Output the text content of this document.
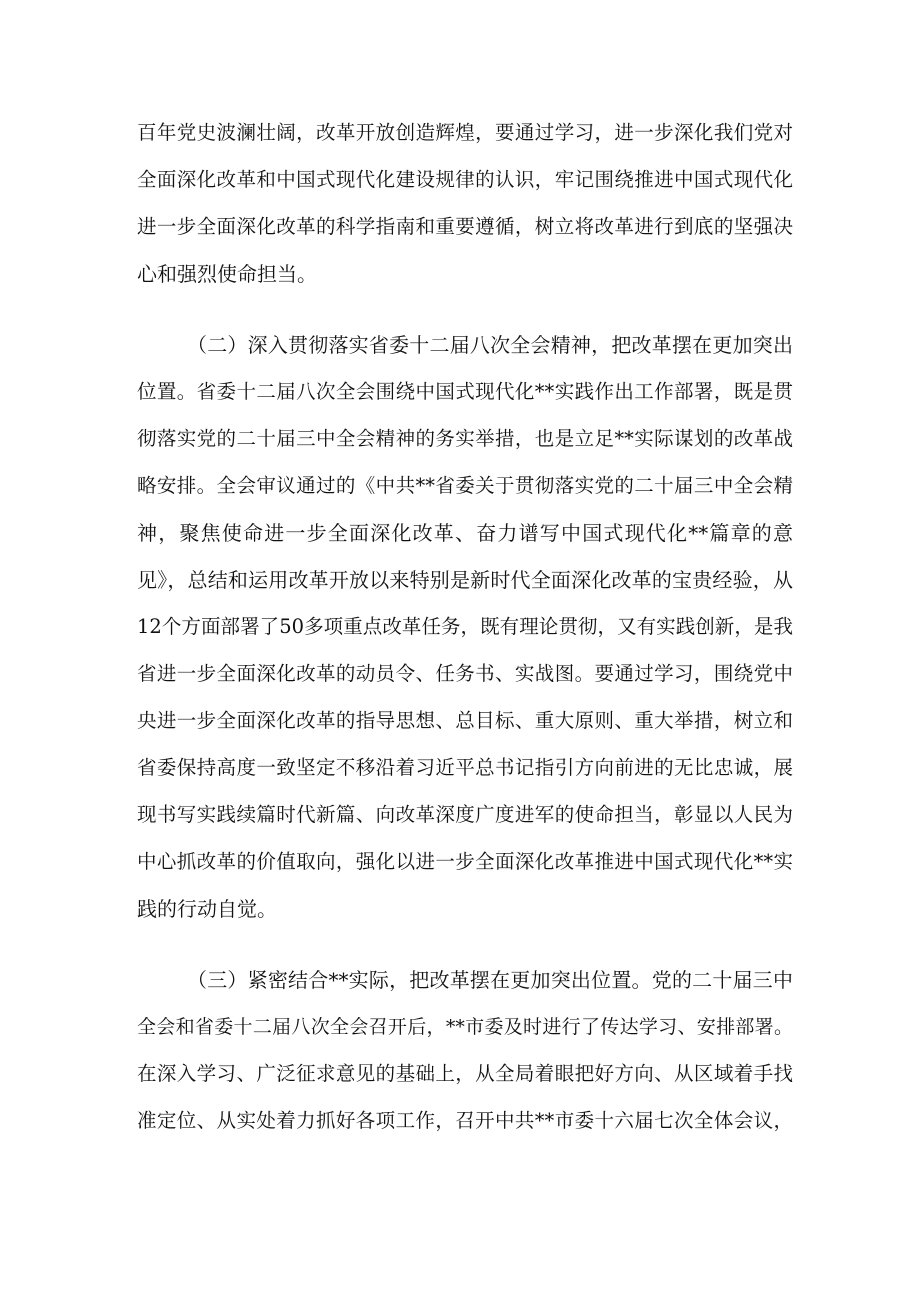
百年党史波澜壮阔，改革开放创造辉煌，要通过学习，进一步深化我们党对
全面深化改革和中国式现代化建设规律的认识，牢记围绕推进中国式现代化
进一步全面深化改革的科学指南和重要遵循，树立将改革进行到底的坚强决
心和强烈使命担当。
（二）深入贯彻落实省委十二届八次全会精神，把改革摆在更加突出
位置。省委十二届八次全会围绕中国式现代化**实践作出工作部署，既是贯
彻落实党的二十届三中全会精神的务实举措，也是立足**实际谋划的改革战
略安排。全会审议通过的《中共**省委关于贯彻落实党的二十届三中全会精
神，聚焦使命进一步全面深化改革、奋力谱写中国式现代化**篇章的意
见》，总结和运用改革开放以来特别是新时代全面深化改革的宝贵经验，从
12个方面部署了50多项重点改革任务，既有理论贯彻，又有实践创新，是我
省进一步全面深化改革的动员令、任务书、实战图。要通过学习，围绕党中
央进一步全面深化改革的指导思想、总目标、重大原则、重大举措，树立和
省委保持高度一致坚定不移沿着习近平总书记指引方向前进的无比忠诚，展
现书写实践续篇时代新篇、向改革深度广度进军的使命担当，彰显以人民为
中心抓改革的价值取向，强化以进一步全面深化改革推进中国式现代化**实
践的行动自觉。
（三）紧密结合**实际，把改革摆在更加突出位置。党的二十届三中
全会和省委十二届八次全会召开后，**市委及时进行了传达学习、安排部署。
在深入学习、广泛征求意见的基础上，从全局着眼把好方向、从区域着手找
准定位、从实处着力抓好各项工作，召开中共**市委十六届七次全体会议，
